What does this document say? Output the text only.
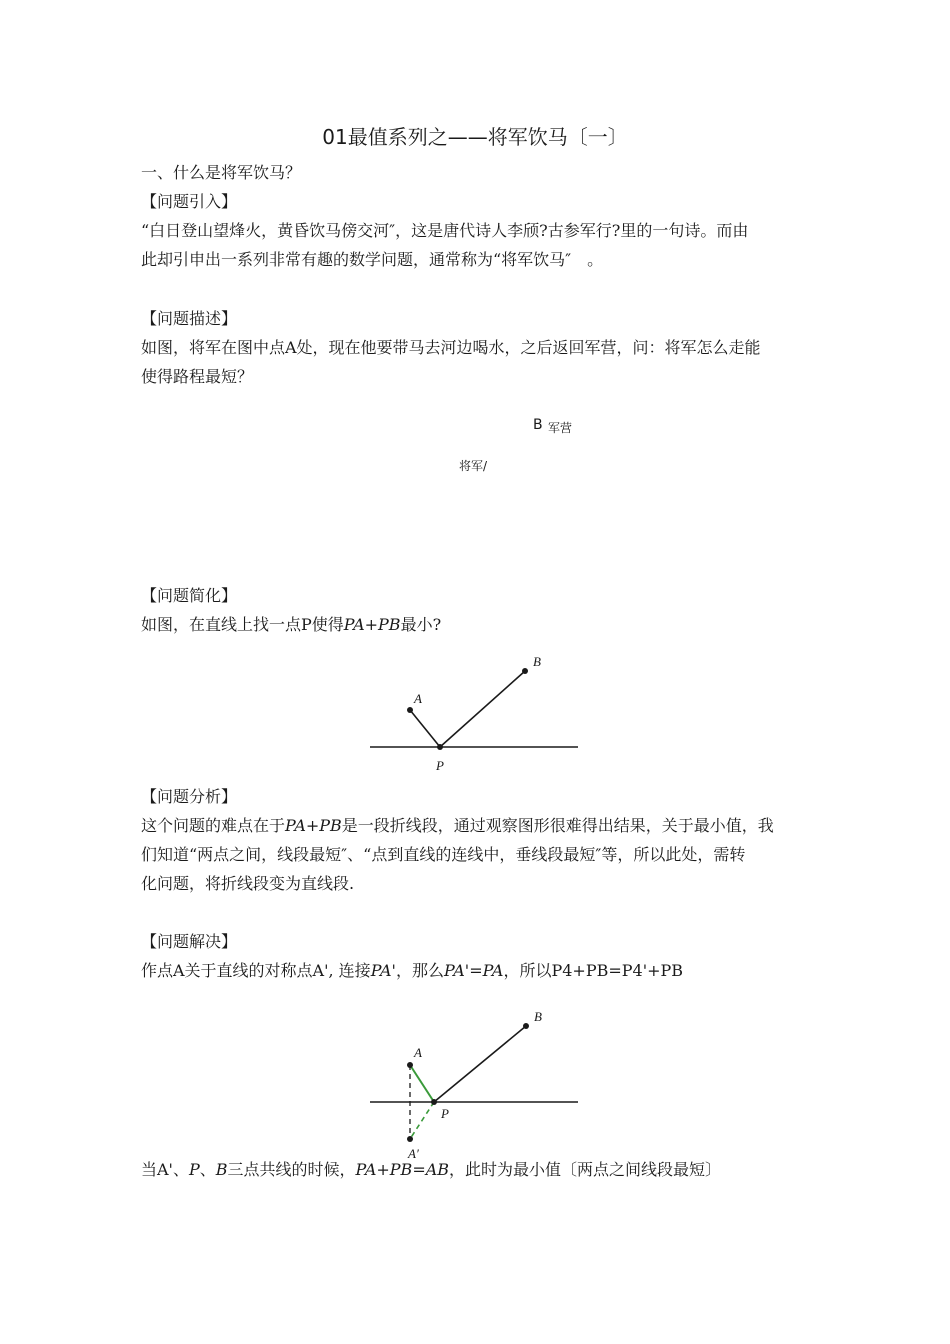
01最值系列之——将军饮马〔一〕
一、什么是将军饮马？
【问题引入】
“白日登山望烽火，黄昏饮马傍交河″，这是唐代诗人李颀?古参军行?里的一句诗。而由
此却引申出一系列非常有趣的数学问题，通常称为“将军饮马″　。
【问题描述】
如图，将军在图中点A处，现在他要带马去河边喝水，之后返回军营，问：将军怎么走能
使得路程最短？
B 军营
将军/
【问题简化】
如图，在直线上找一点P使得PA+PB最小?
A
B
P
A
B
P
A′
【问题分析】
这个问题的难点在于PA+PB是一段折线段，通过观察图形很难得出结果，关于最小值，我
们知道“两点之间，线段最短″、“点到直线的连线中，垂线段最短″等，所以此处，需转
化问题，将折线段变为直线段.
【问题解决】
作点A关于直线的对称点A', 连接PA'，那么PA'=PA，所以P4+PB=P4'+PB
当A'、P、B三点共线的时候，PA+PB=AB，此时为最小值〔两点之间线段最短〕
